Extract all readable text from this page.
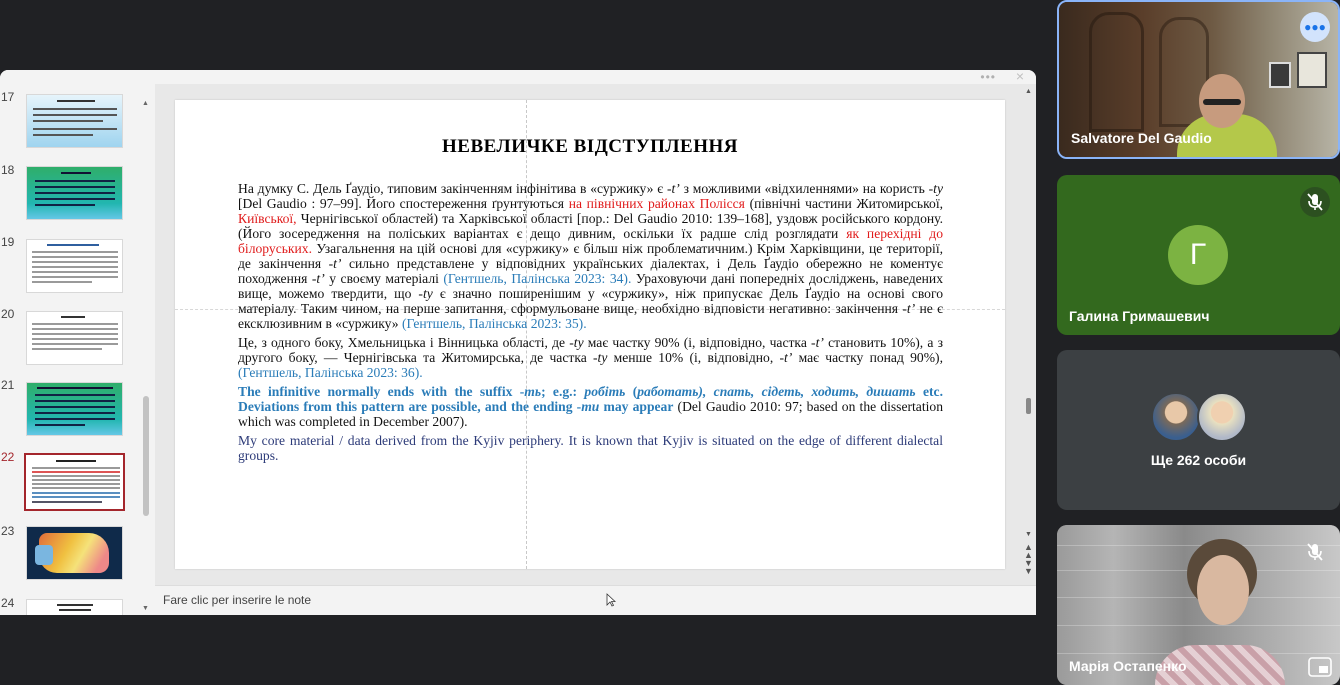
••• ×
17
18
19
20
21
22
23
24
▲
▼
НЕВЕЛИЧКЕ ВІДСТУПЛЕННЯ

На думку С. Дель Ґаудіо, типовим закінченням інфінітива в «суржику» є -t’ з можливими «відхиленнями» на користь -ty [Del Gaudio : 97–99]. Його спостереження ґрунтуються на північних районах Полісся (північні частини Житомирської, Київської, Чернігівської областей) та Харківської області [пор.: Del Gaudio 2010: 139–168], уздовж російського кордону. (Його зосередження на поліських варіантах є дещо дивним, оскільки їх радше слід розглядати як перехідні до білоруських. Узагальнення на цій основі для «суржику» є більш ніж проблематичним.) Крім Харківщини, це території, де закінчення -t’ сильно представлене у відповідних українських діалектах, і Дель Ґаудіо обережно не коментує походження -t’ у своєму матеріалі (Гентшель, Палінська 2023: 34). Ураховуючи дані попередніх досліджень, наведених вище, можемо твердити, що -ty є значно поширенішим у «суржику», ніж припускає Дель Ґаудіо на основі свого матеріалу. Таким чином, на перше запитання, сформульоване вище, необхідно відповісти негативно: закінчення -t’ не є ексклюзивним в «суржику» (Гентшель, Палінська 2023: 35).

Це, з одного боку, Хмельницька і Вінницька області, де -ty має частку 90% (і, відповідно, частка -t’ становить 10%), а з другого боку, — Чернігівська та Житомирська, де частка -ty менше 10% (і, відповідно, -t’ має частку понад 90%), (Гентшель, Палінська 2023: 36).

The infinitive normally ends with the suffix -ть; e.g.: робiть (работать), спать, сідеть, ходить, дишать etc. Deviations from this pattern are possible, and the ending -ти may appear (Del Gaudio 2010: 97; based on the dissertation which was completed in December 2007).

My core material / data derived from the Kyjiv periphery. It is known that Kyjiv is situated on the edge of different dialectal groups.

▲
▼
▲
▲
▼
▼
Fare clic per inserire le note
●●●
Salvatore Del Gaudio
Г
Галина Гримашевич
Ще 262 особи
Марія Остапенко
